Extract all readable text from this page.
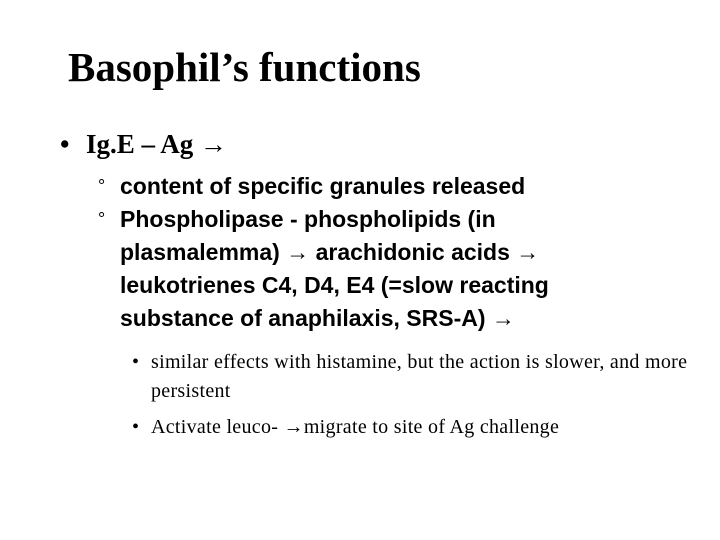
Basophil’s functions
• Ig.E – Ag →
° content of specific granules released
° Phospholipase - phospholipids (in plasmalemma) → arachidonic acids → leukotrienes C4, D4, E4 (=slow reacting substance of anaphilaxis, SRS-A) →
• similar effects with histamine, but the action is slower, and more persistent
• Activate leuco- →migrate to site of Ag challenge
